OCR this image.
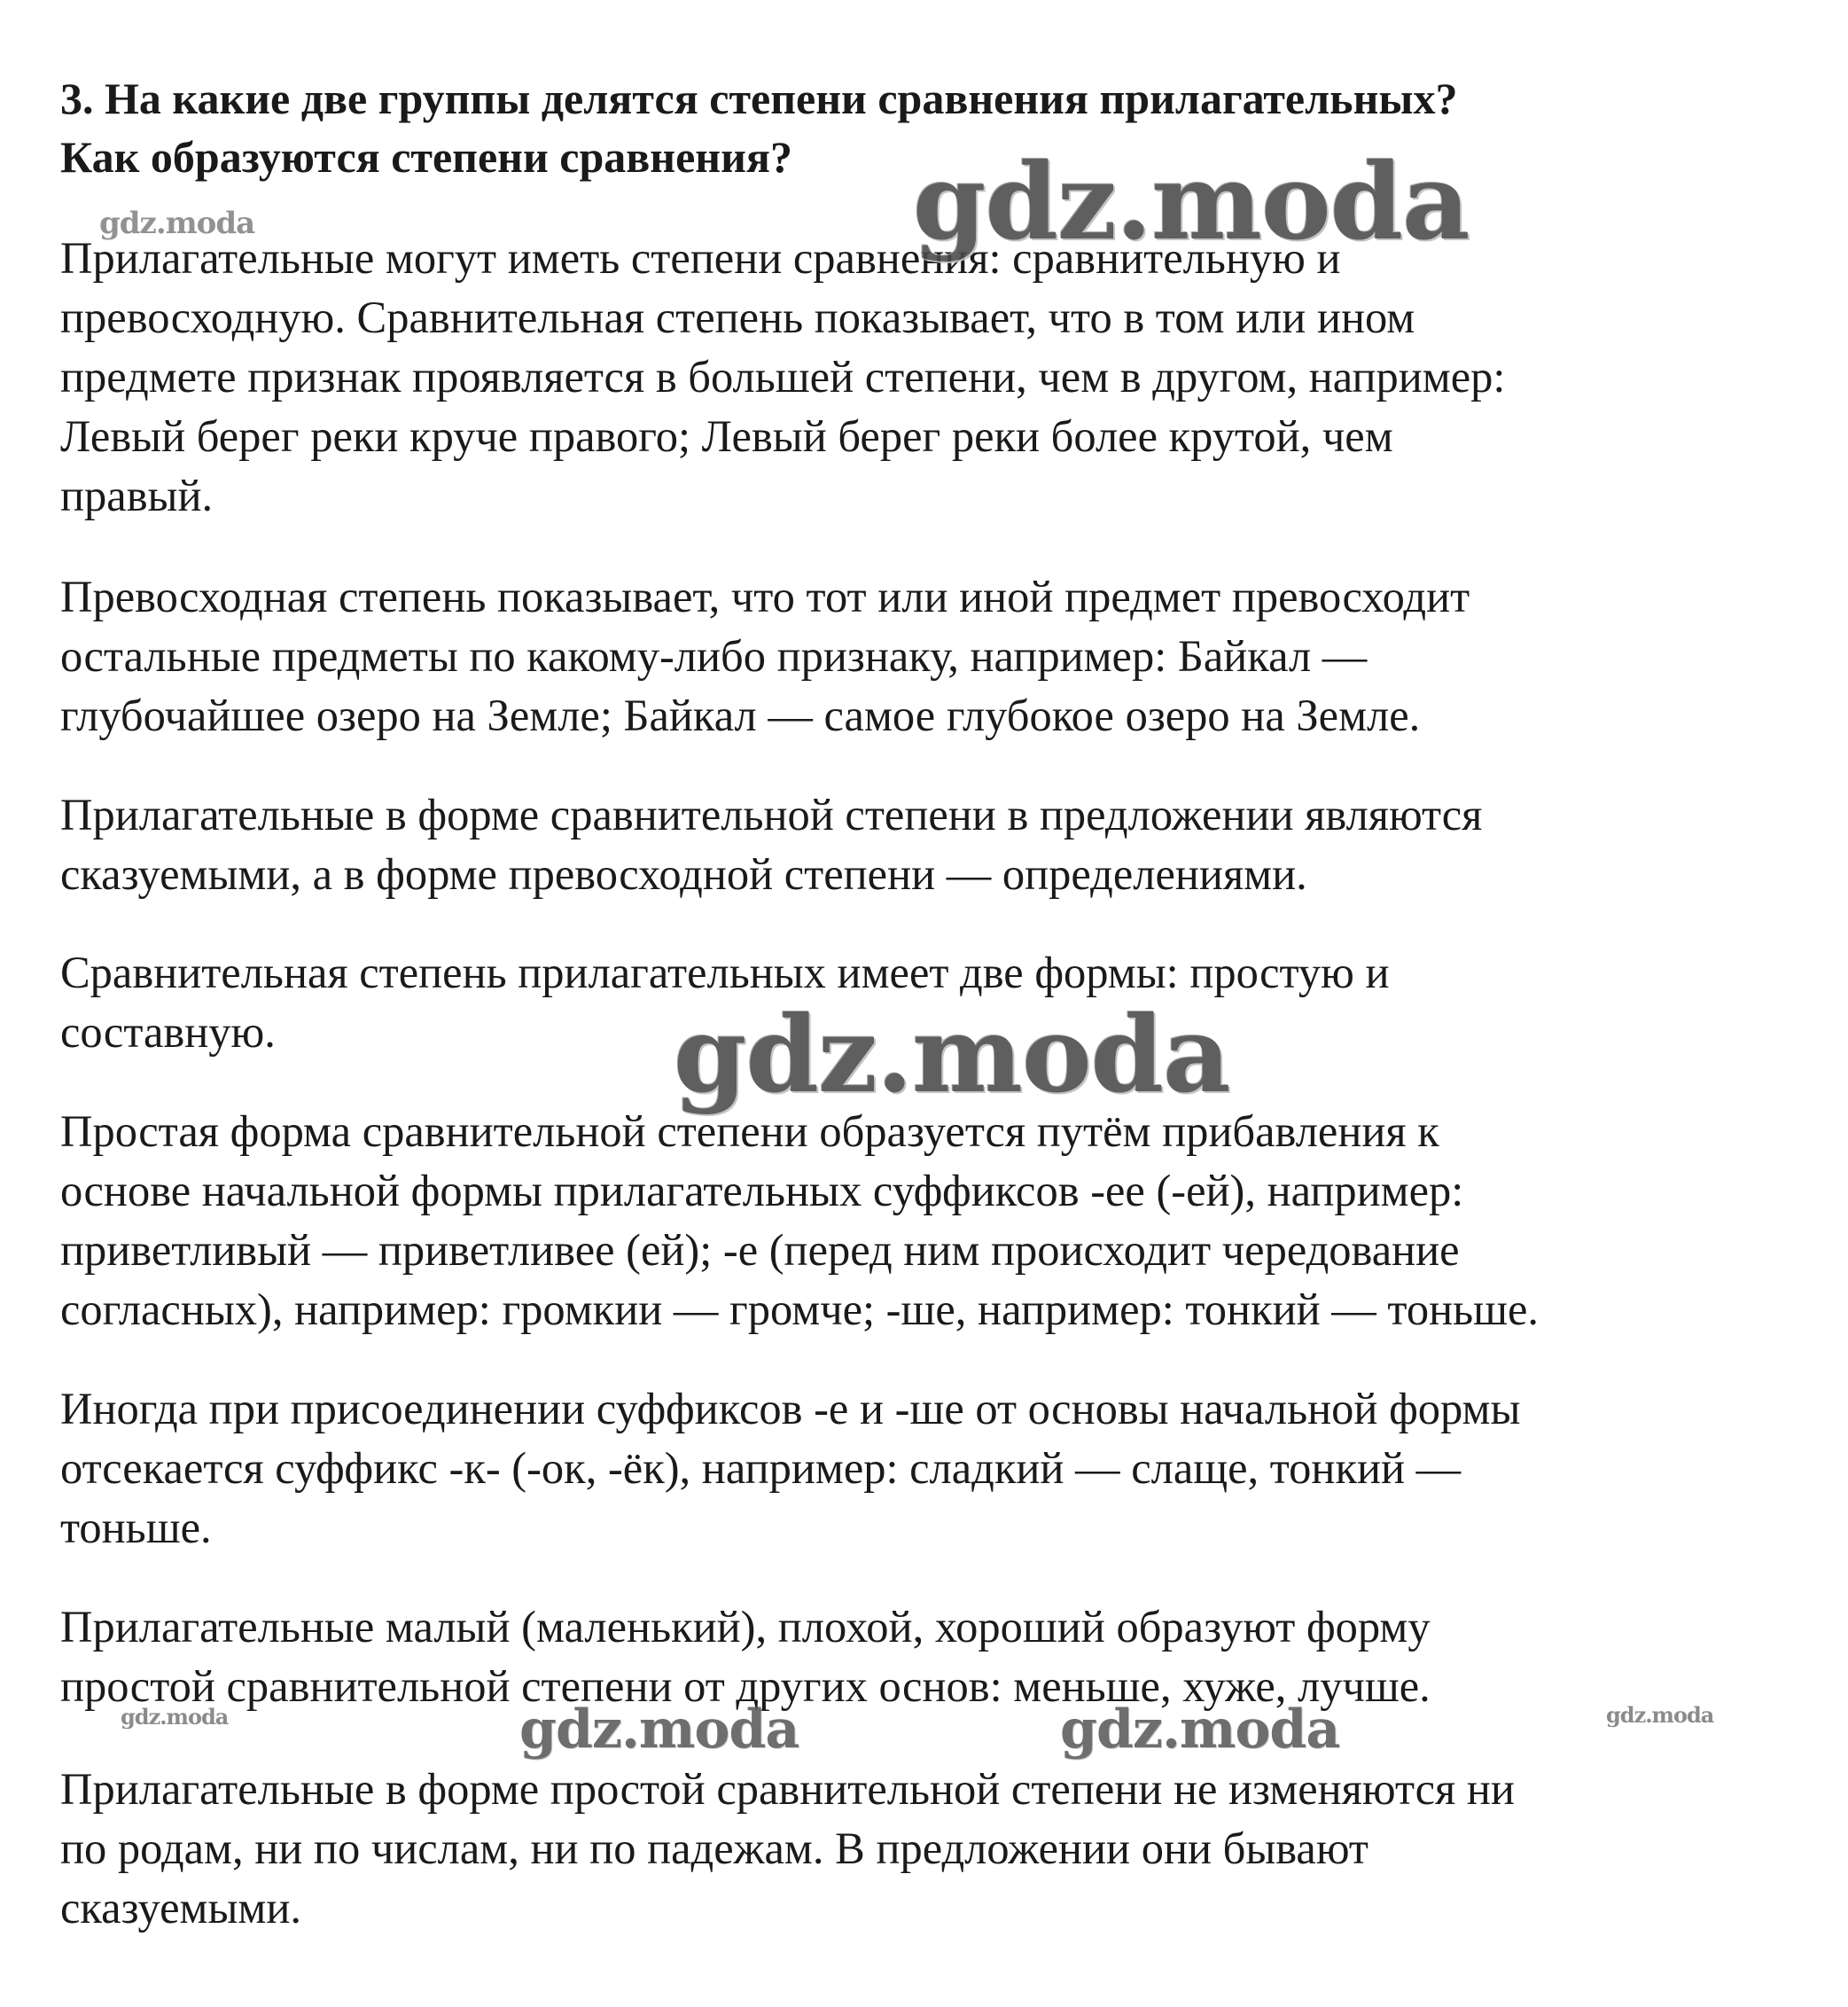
3. На какие две группы делятся степени сравнения прилагательных?
Как образуются степени сравнения?
Прилагательные могут иметь степени сравнения: сравнительную и
превосходную. Сравнительная степень показывает, что в том или ином
предмете признак проявляется в большей степени, чем в другом, например:
Левый берег реки круче правого; Левый берег реки более крутой, чем
правый.
Превосходная степень показывает, что тот или иной предмет превосходит
остальные предметы по какому-либо признаку, например: Байкал —
глубочайшее озеро на Земле; Байкал — самое глубокое озеро на Земле.
Прилагательные в форме сравнительной степени в предложении являются
сказуемыми, а в форме превосходной степени — определениями.
Сравнительная степень прилагательных имеет две формы: простую и
составную.
Простая форма сравнительной степени образуется путём прибавления к
основе начальной формы прилагательных суффиксов -ее (-ей), например:
приветливый — приветливее (ей); -е (перед ним происходит чередование
согласных), например: громкии — громче; -ше, например: тонкий — тоньше.
Иногда при присоединении суффиксов -е и -ше от основы начальной формы
отсекается суффикс -к- (-ок, -ёк), например: сладкий — слаще, тонкий —
тоньше.
Прилагательные малый (маленький), плохой, хороший образуют форму
простой сравнительной степени от других основ: меньше, хуже, лучше.
Прилагательные в форме простой сравнительной степени не изменяются ни
по родам, ни по числам, ни по падежам. В предложении они бывают
сказуемыми.
gdz.moda
gdz.moda
gdz.moda
gdz.moda	gdz.moda	gdz.moda	gdz.moda
